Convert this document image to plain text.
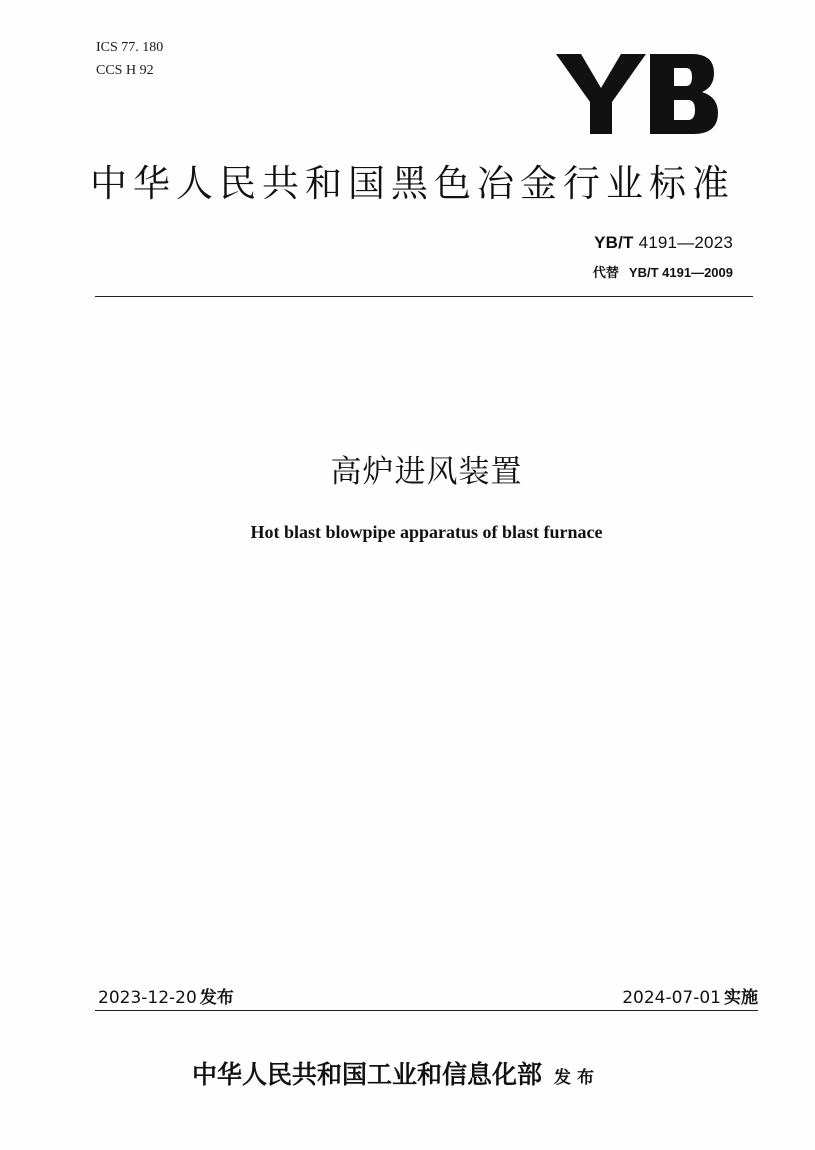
ICS 77. 180
CCS H 92
中华人民共和国黑色冶金行业标准
YB/T 4191—2023
代替 YB/T 4191—2009
高炉进风装置
Hot blast blowpipe apparatus of blast furnace
2023-12-20 发布	2024-07-01 实施
中华人民共和国工业和信息化部 发布
